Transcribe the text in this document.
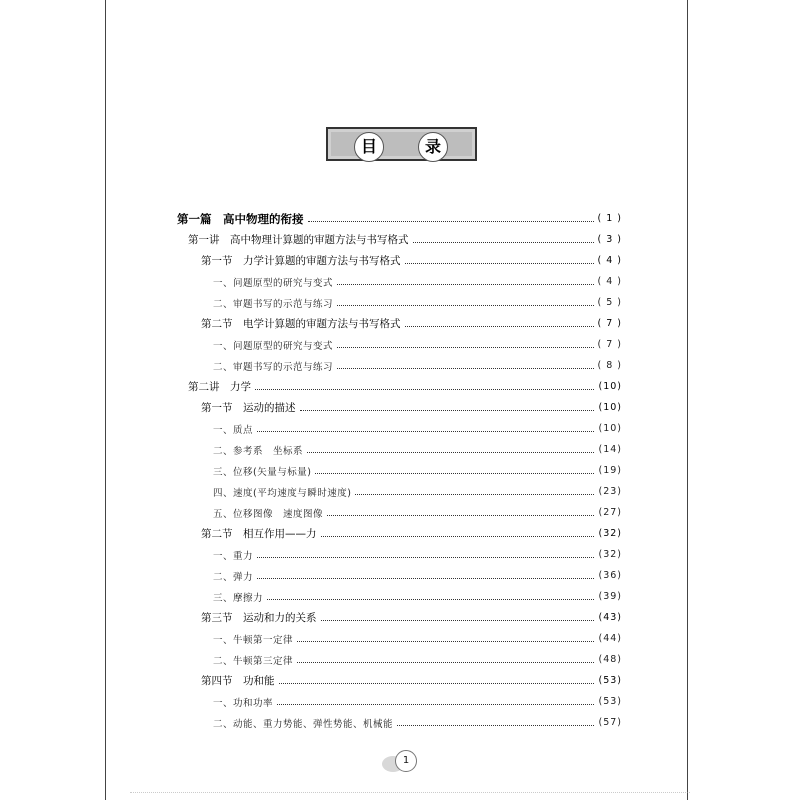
目	录
第一篇　高中物理的衔接	( 1 )
第一讲　高中物理计算题的审题方法与书写格式	( 3 )
第一节　力学计算题的审题方法与书写格式	( 4 )
一、问题原型的研究与变式	( 4 )
二、审题书写的示范与练习	( 5 )
第二节　电学计算题的审题方法与书写格式	( 7 )
一、问题原型的研究与变式	( 7 )
二、审题书写的示范与练习	( 8 )
第二讲　力学	(10)
第一节　运动的描述	(10)
一、质点	(10)
二、参考系　坐标系	(14)
三、位移(矢量与标量)	(19)
四、速度(平均速度与瞬时速度)	(23)
五、位移图像　速度图像	(27)
第二节　相互作用——力	(32)
一、重力	(32)
二、弹力	(36)
三、摩擦力	(39)
第三节　运动和力的关系	(43)
一、牛顿第一定律	(44)
二、牛顿第三定律	(48)
第四节　功和能	(53)
一、功和功率	(53)
二、动能、重力势能、弹性势能、机械能	(57)
1
